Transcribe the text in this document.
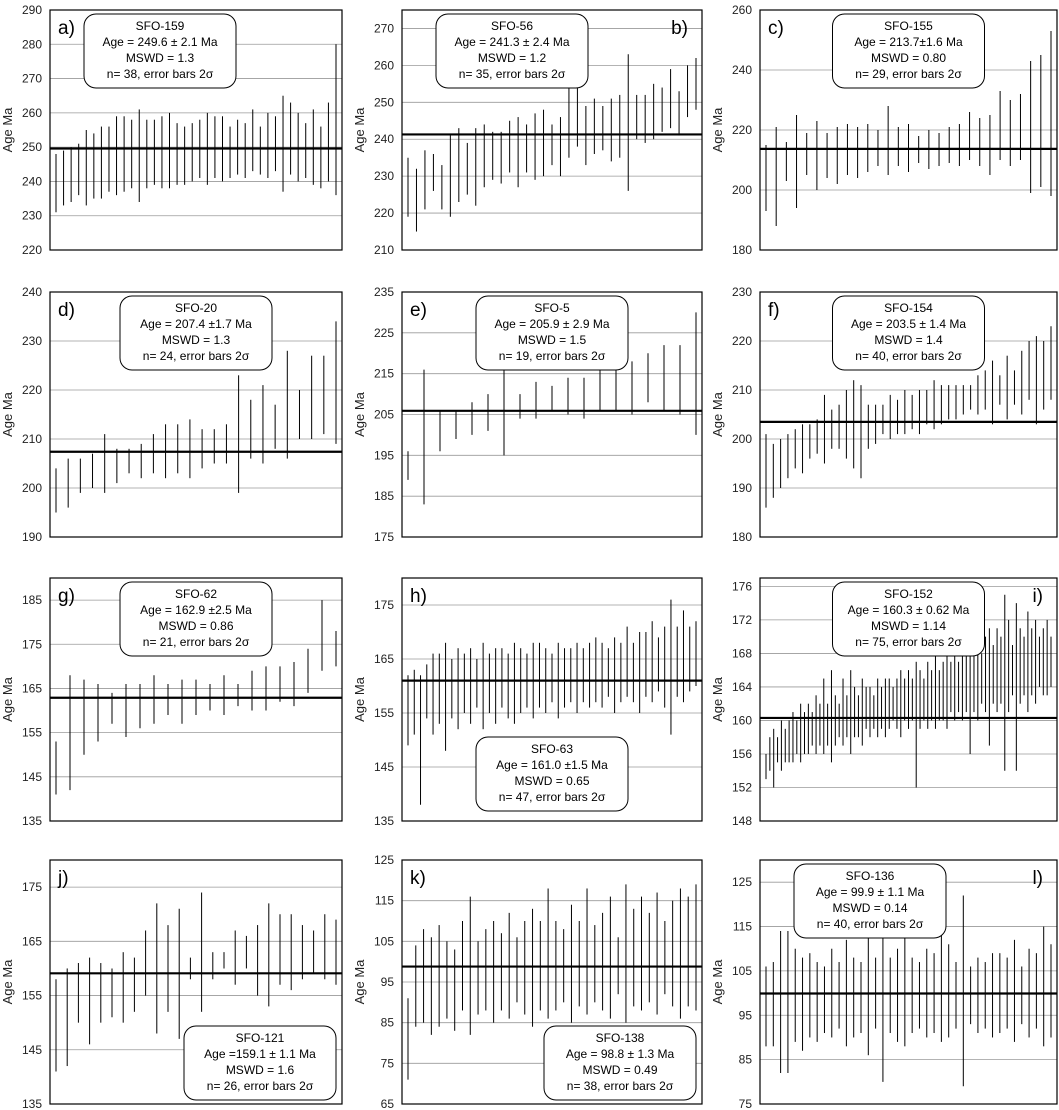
220
230
240
250
260
270
280
290
Age Ma
a)	SFO-159
Age = 249.6 ± 2.1 Ma
MSWD = 1.3
n= 38, error bars 2σ
210
220
230
240
250
260
270
Age Ma
b)
SFO-56
Age = 241.3 ± 2.4 Ma
MSWD = 1.2
n= 35, error bars 2σ
180
200
220
240
260
Age Ma
c)	SFO-155
Age = 213.7±1.6 Ma
MSWD = 0.80
n= 29, error bars 2σ
190
200
210
220
230
240
Age Ma
d)	SFO-20
Age = 207.4 ±1.7 Ma
MSWD = 1.3
n= 24, error bars 2σ
175
185
195
205
215
225
235
Age Ma
e)	SFO-5
Age = 205.9 ± 2.9 Ma
MSWD = 1.5
n= 19, error bars 2σ
180
190
200
210
220
230
Age Ma
f)	SFO-154
Age = 203.5 ± 1.4 Ma
MSWD = 1.4
n= 40, error bars 2σ
135
145
155
165
175
185
Age Ma
g)	SFO-62
Age = 162.9 ±2.5 Ma
MSWD = 0.86
n= 21, error bars 2σ
135
145
155
165
175
Age Ma
h)
SFO-63
Age = 161.0 ±1.5 Ma
MSWD = 0.65
n= 47, error bars 2σ
148
152
156
160
164
168
172
176
Age Ma
i)
SFO-152
Age = 160.3 ± 0.62 Ma
MSWD = 1.14
n= 75, error bars 2σ
135
145
155
165
175
Age Ma
j)
SFO-121
Age =159.1 ± 1.1 Ma
MSWD = 1.6
n= 26, error bars 2σ
65
75
85
95
105
115
125
Age Ma
k)
SFO-138
Age = 98.8 ± 1.3 Ma
MSWD = 0.49
n= 38, error bars 2σ
75
85
95
105
115
125
Age Ma
l)
SFO-136
Age = 99.9 ± 1.1 Ma
MSWD = 0.14
n= 40, error bars 2σ
